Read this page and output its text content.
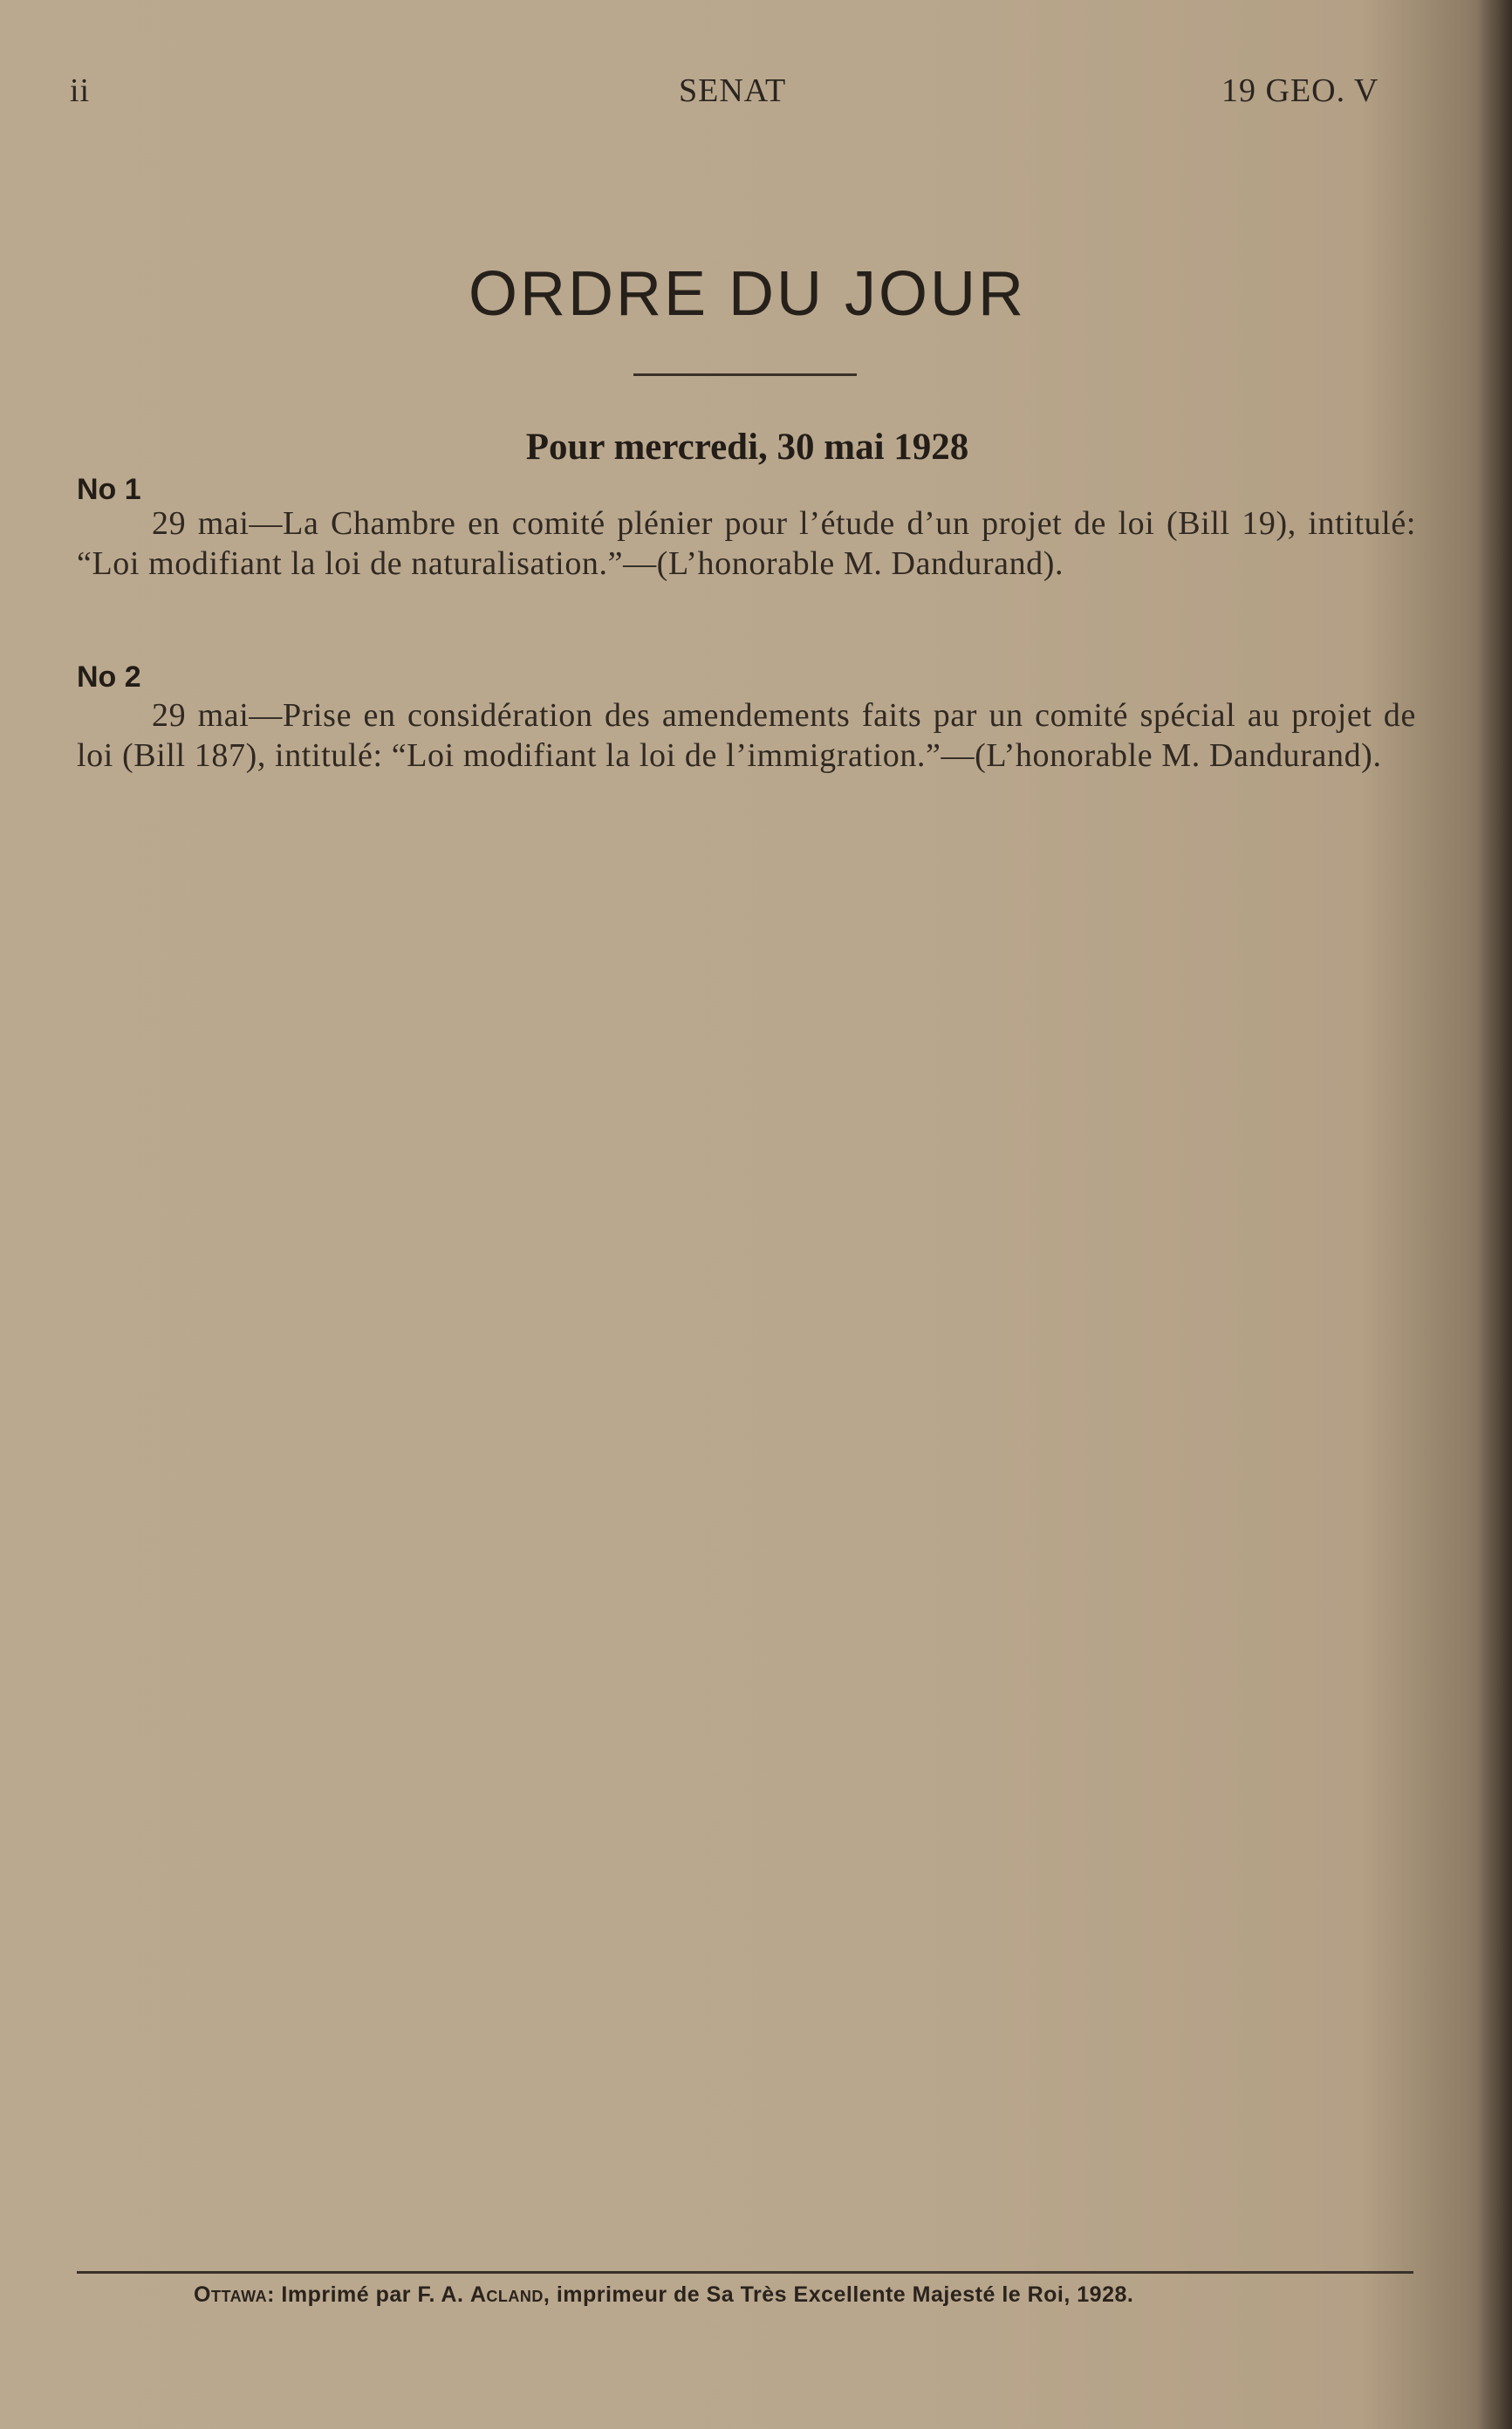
ii	SENAT	19 GEO. V
ORDRE DU JOUR
Pour mercredi, 30 mai 1928
No 1
29 mai—La Chambre en comité plénier pour l’étude d’un projet de loi (Bill 19), intitulé: “Loi modifiant la loi de naturalisation.”—(L’honorable M. Dandurand).
No 2
29 mai—Prise en considération des amendements faits par un comité spécial au projet de loi (Bill 187), intitulé: “Loi modifiant la loi de l’immigration.”—(L’honorable M. Dandurand).
Ottawa: Imprimé par F. A. Acland, imprimeur de Sa Très Excellente Majesté le Roi, 1928.
